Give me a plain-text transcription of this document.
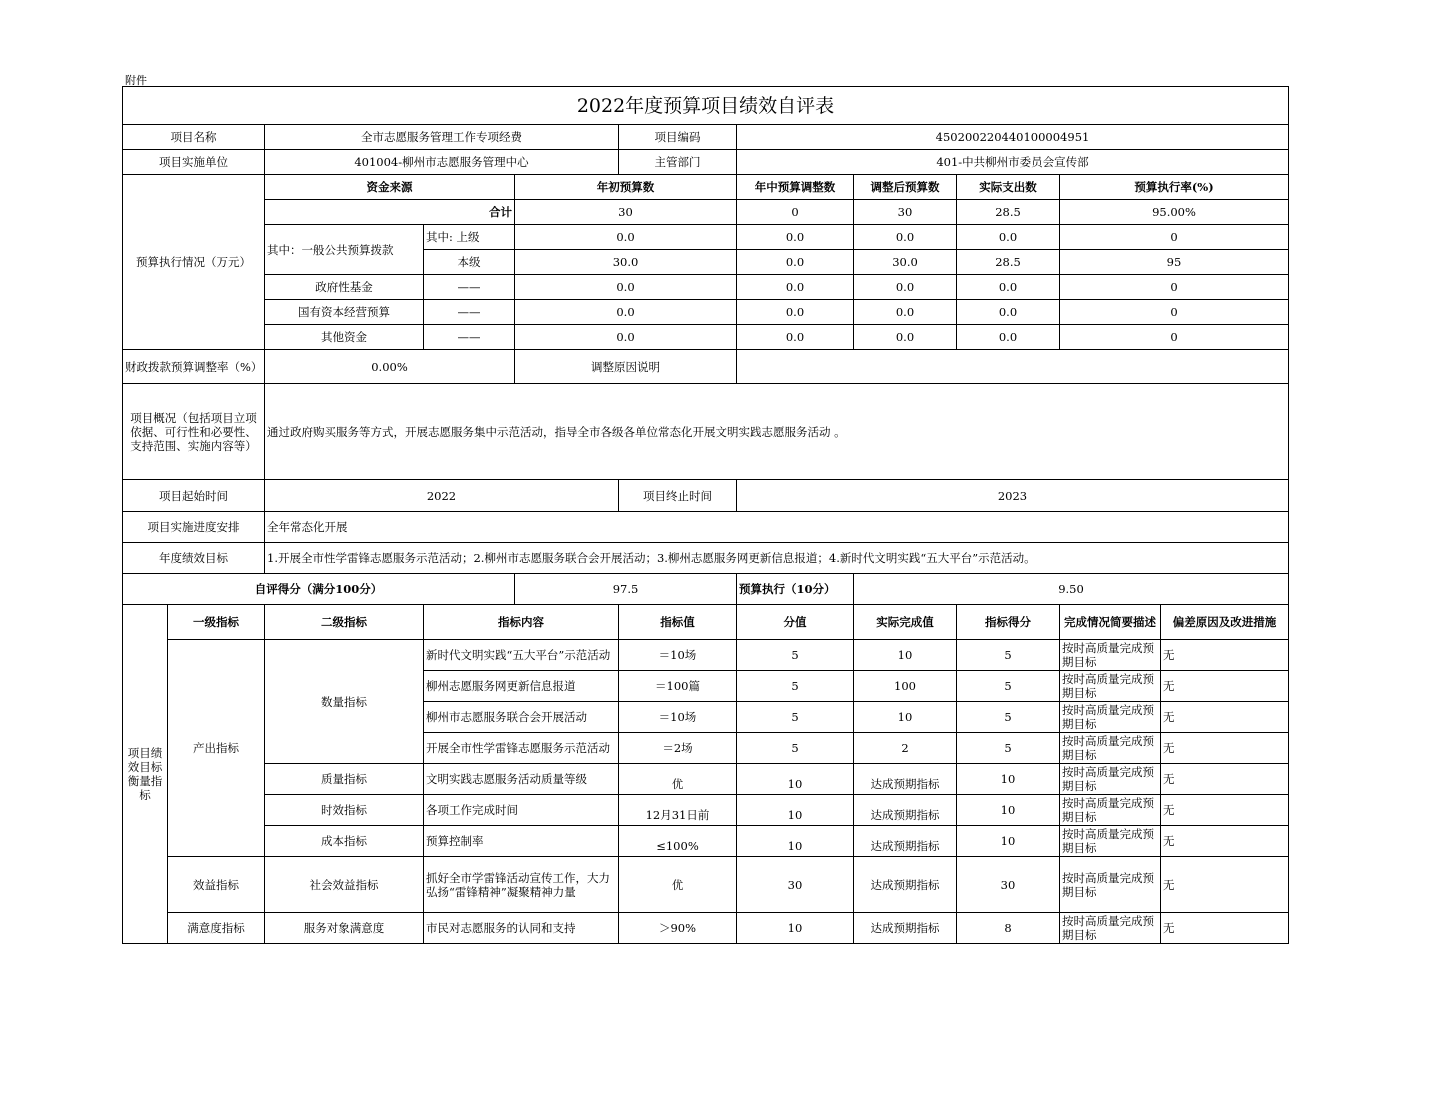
附件
2022年度预算项目绩效自评表										
项目名称		全市志愿服务管理工作专项经费			项目编码	450200220440100004951				
项目实施单位		401004-柳州市志愿服务管理中心			主管部门	401-中共柳州市委员会宣传部				
预算执行情况（万元）		资金来源		年初预算数		年中预算调整数	调整后预算数	实际支出数	预算执行率(%)	
		合计		30		0	30	28.5	95.00%	
		其中：一般公共预算拨款	其中: 上级	0.0		0.0	0.0	0.0	0	
			本级	30.0		0.0	30.0	28.5	95	
		政府性基金	——	0.0		0.0	0.0	0.0	0	
		国有资本经营预算	——	0.0		0.0	0.0	0.0	0	
		其他资金	——	0.0		0.0	0.0	0.0	0	
财政拨款预算调整率（%）		0.00%		调整原因说明						
项目概况（包括项目立项依据、可行性和必要性、支持范围、实施内容等）		通过政府购买服务等方式，开展志愿服务集中示范活动，指导全市各级各单位常态化开展文明实践志愿服务活动 。								
项目起始时间		2022			项目终止时间	2023				
项目实施进度安排		全年常态化开展								
年度绩效目标		1.开展全市性学雷锋志愿服务示范活动；2.柳州市志愿服务联合会开展活动；3.柳州志愿服务网更新信息报道；4.新时代文明实践“五大平台”示范活动。								
自评得分（满分100分）				97.5		预算执行（10分）	9.50			
项目绩效目标衡量指标	一级指标	二级指标	指标内容		指标值	分值	实际完成值	指标得分	完成情况简要描述	偏差原因及改进措施
	产出指标	数量指标	新时代文明实践“五大平台”示范活动		＝10场	5	10	5	按时高质量完成预期目标	无
			柳州志愿服务网更新信息报道		＝100篇	5	100	5	按时高质量完成预期目标	无
			柳州市志愿服务联合会开展活动		＝10场	5	10	5	按时高质量完成预期目标	无
			开展全市性学雷锋志愿服务示范活动		＝2场	5	2	5	按时高质量完成预期目标	无
		质量指标	文明实践志愿服务活动质量等级		优	10	达成预期指标	10	按时高质量完成预期目标	无
		时效指标	各项工作完成时间		12月31日前	10	达成预期指标	10	按时高质量完成预期目标	无
		成本指标	预算控制率		≤100%	10	达成预期指标	10	按时高质量完成预期目标	无
	效益指标	社会效益指标	抓好全市学雷锋活动宣传工作，大力弘扬“雷锋精神”凝聚精神力量		优	30	达成预期指标	30	按时高质量完成预期目标	无
	满意度指标	服务对象满意度	市民对志愿服务的认同和支持		＞90%	10	达成预期指标	8	按时高质量完成预期目标	无
